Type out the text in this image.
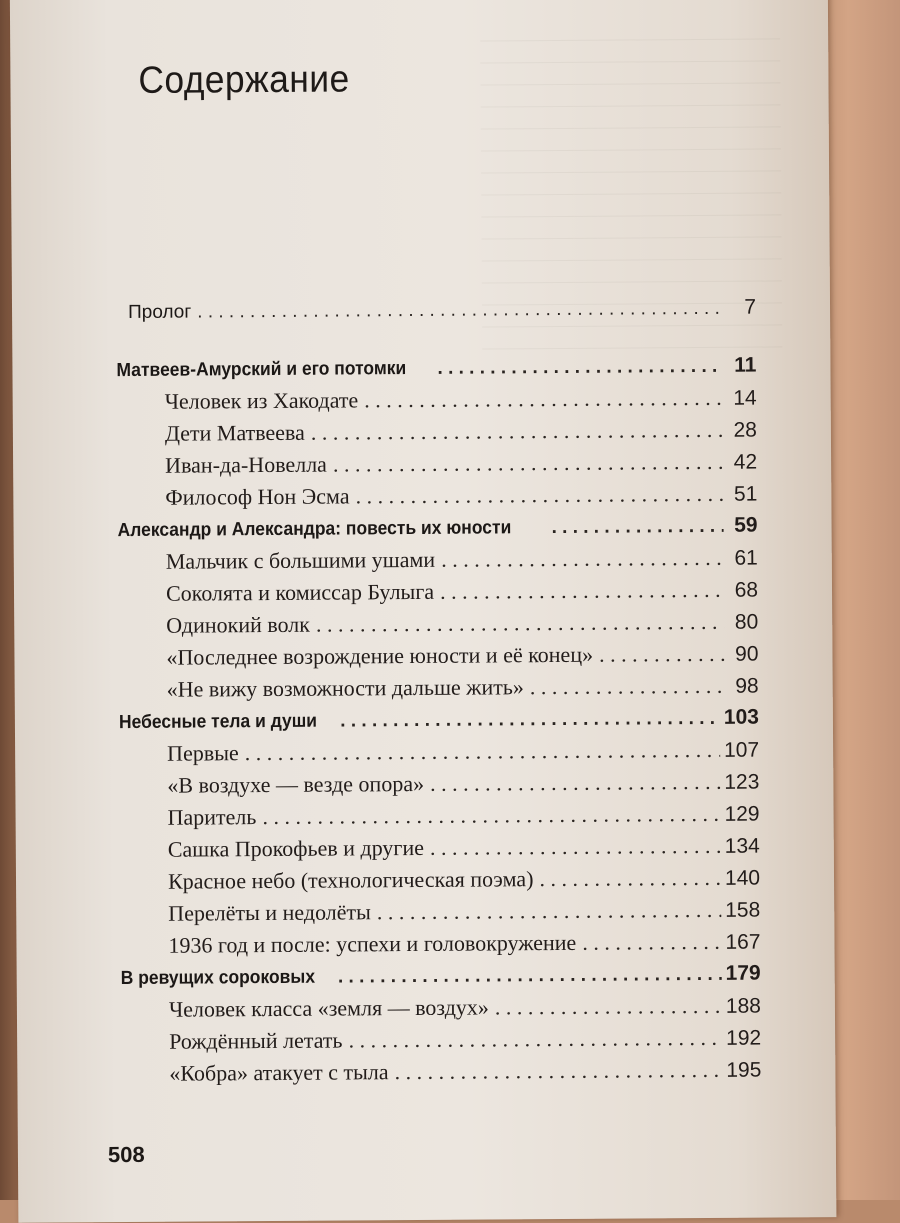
Содержание
Пролог . . .	7
Матвеев-Амурский и его потомки . . .	11
Человек из Хакодате . . .	14
Дети Матвеева . . .	28
Иван-да-Новелла . . .	42
Философ Нон Эсма . . .	51
Александр и Александра: повесть их юности . . .	59
Мальчик с большими ушами . . .	61
Соколята и комиссар Булыга . . .	68
Одинокий волк . . .	80
«Последнее возрождение юности и её конец» . . .	90
«Не вижу возможности дальше жить» . . .	98
Небесные тела и души . . .	103
Первые . . .	107
«В воздухе — везде опора» . . .	123
Паритель . . .	129
Сашка Прокофьев и другие . . .	134
Красное небо (технологическая поэма) . . .	140
Перелёты и недолёты . . .	158
1936 год и после: успехи и головокружение . . .	167
В ревущих сороковых . . .	179
Человек класса «земля — воздух» . . .	188
Рождённый летать . . .	192
«Кобра» атакует с тыла . . .	195
508
